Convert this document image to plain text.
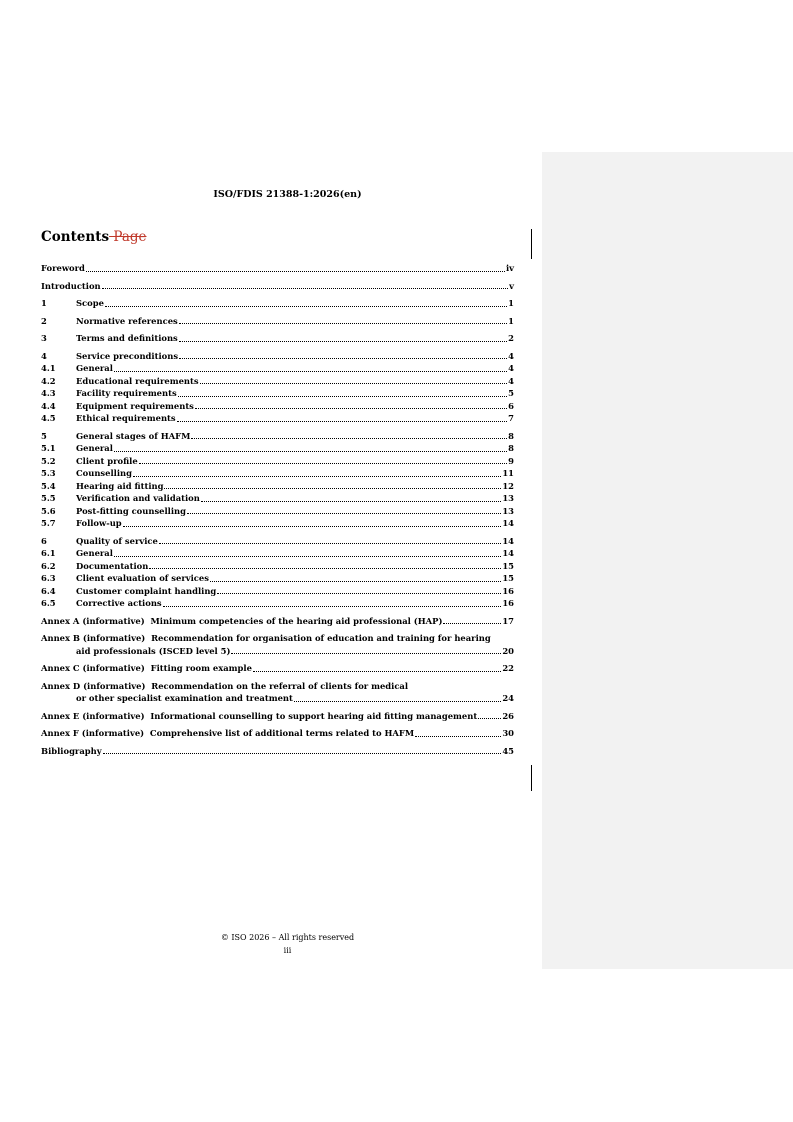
ISO/FDIS 21388-1:2026(en)
Contents Page
Foreword	iv
Introduction	v
1	Scope	1
2	Normative references	1
3	Terms and definitions	2
4	Service preconditions	4
4.1	General	4
4.2	Educational requirements	4
4.3	Facility requirements	5
4.4	Equipment requirements	6
4.5	Ethical requirements	7
5	General stages of HAFM	8
5.1	General	8
5.2	Client profile	9
5.3	Counselling	11
5.4	Hearing aid fitting	12
5.5	Verification and validation	13
5.6	Post-fitting counselling	13
5.7	Follow-up	14
6	Quality of service	14
6.1	General	14
6.2	Documentation	15
6.3	Client evaluation of services	15
6.4	Customer complaint handling	16
6.5	Corrective actions	16
Annex A (informative)  Minimum competencies of the hearing aid professional (HAP)	17
Annex B (informative)  Recommendation for organisation of education and training for hearing
aid professionals (ISCED level 5)	20
Annex C (informative)  Fitting room example	22
Annex D (informative)  Recommendation on the referral of clients for medical
or other specialist examination and treatment	24
Annex E (informative)  Informational counselling to support hearing aid fitting management	26
Annex F (informative)  Comprehensive list of additional terms related to HAFM	30
Bibliography	45
© ISO 2026 – All rights reserved
iii
